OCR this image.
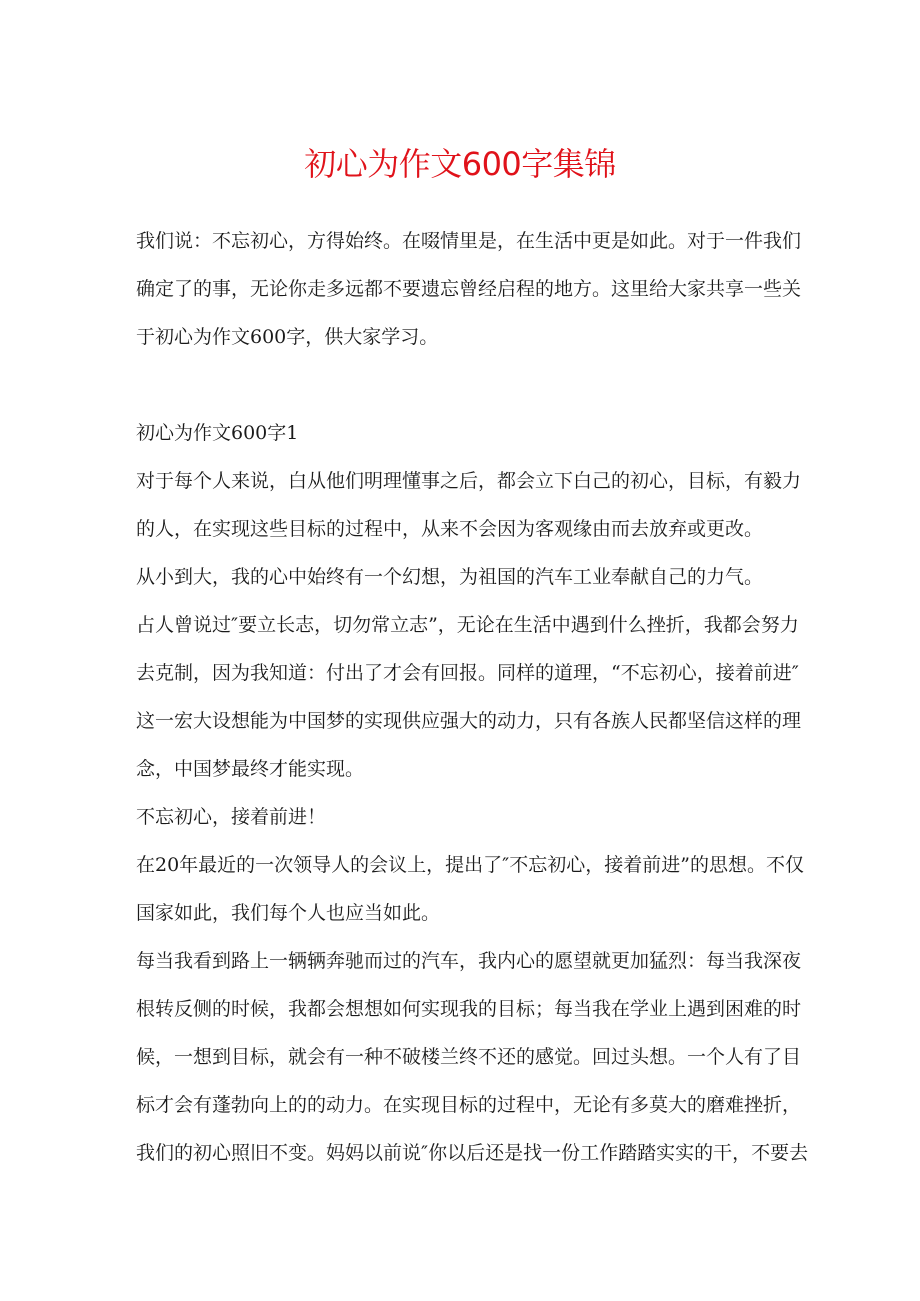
初心为作文600字集锦

我们说：不忘初心，方得始终。在啜情里是，在生活中更是如此。对于一件我们

确定了的事，无论你走多远都不要遗忘曾经启程的地方。这里给大家共享一些关

于初心为作文600字，供大家学习。

初心为作文600字1

对于每个人来说，白从他们明理懂事之后，都会立下白己的初心，目标，有毅力

的人，在实现这些目标的过程中，从来不会因为客观缘由而去放弃或更改。

从小到大，我的心中始终有一个幻想，为祖国的汽车工业奉献自己的力气。

占人曾说过″要立长志，切勿常立志”，无论在生活中遇到什么挫折，我都会努力

去克制，因为我知道：付出了才会有回报。同样的道理，“不忘初心，接着前进″

这一宏大设想能为中国梦的实现供应强大的动力，只有各族人民都坚信这样的理

念，中国梦最终才能实现。

不忘初心，接着前进！

在20年最近的一次领导人的会议上，提出了″不忘初心，接着前进”的思想。不仅

国家如此，我们每个人也应当如此。

每当我看到路上一辆辆奔驰而过的汽车，我内心的愿望就更加猛烈：每当我深夜

根转反侧的时候，我都会想想如何实现我的目标；每当我在学业上遇到困难的时

候，一想到目标，就会有一种不破楼兰终不还的感觉。回过头想。一个人有了目

标才会有蓬勃向上的的动力。在实现目标的过程中，无论有多莫大的磨难挫折，

我们的初心照旧不变。妈妈以前说″你以后还是找一份工作踏踏实实的干，不要去
